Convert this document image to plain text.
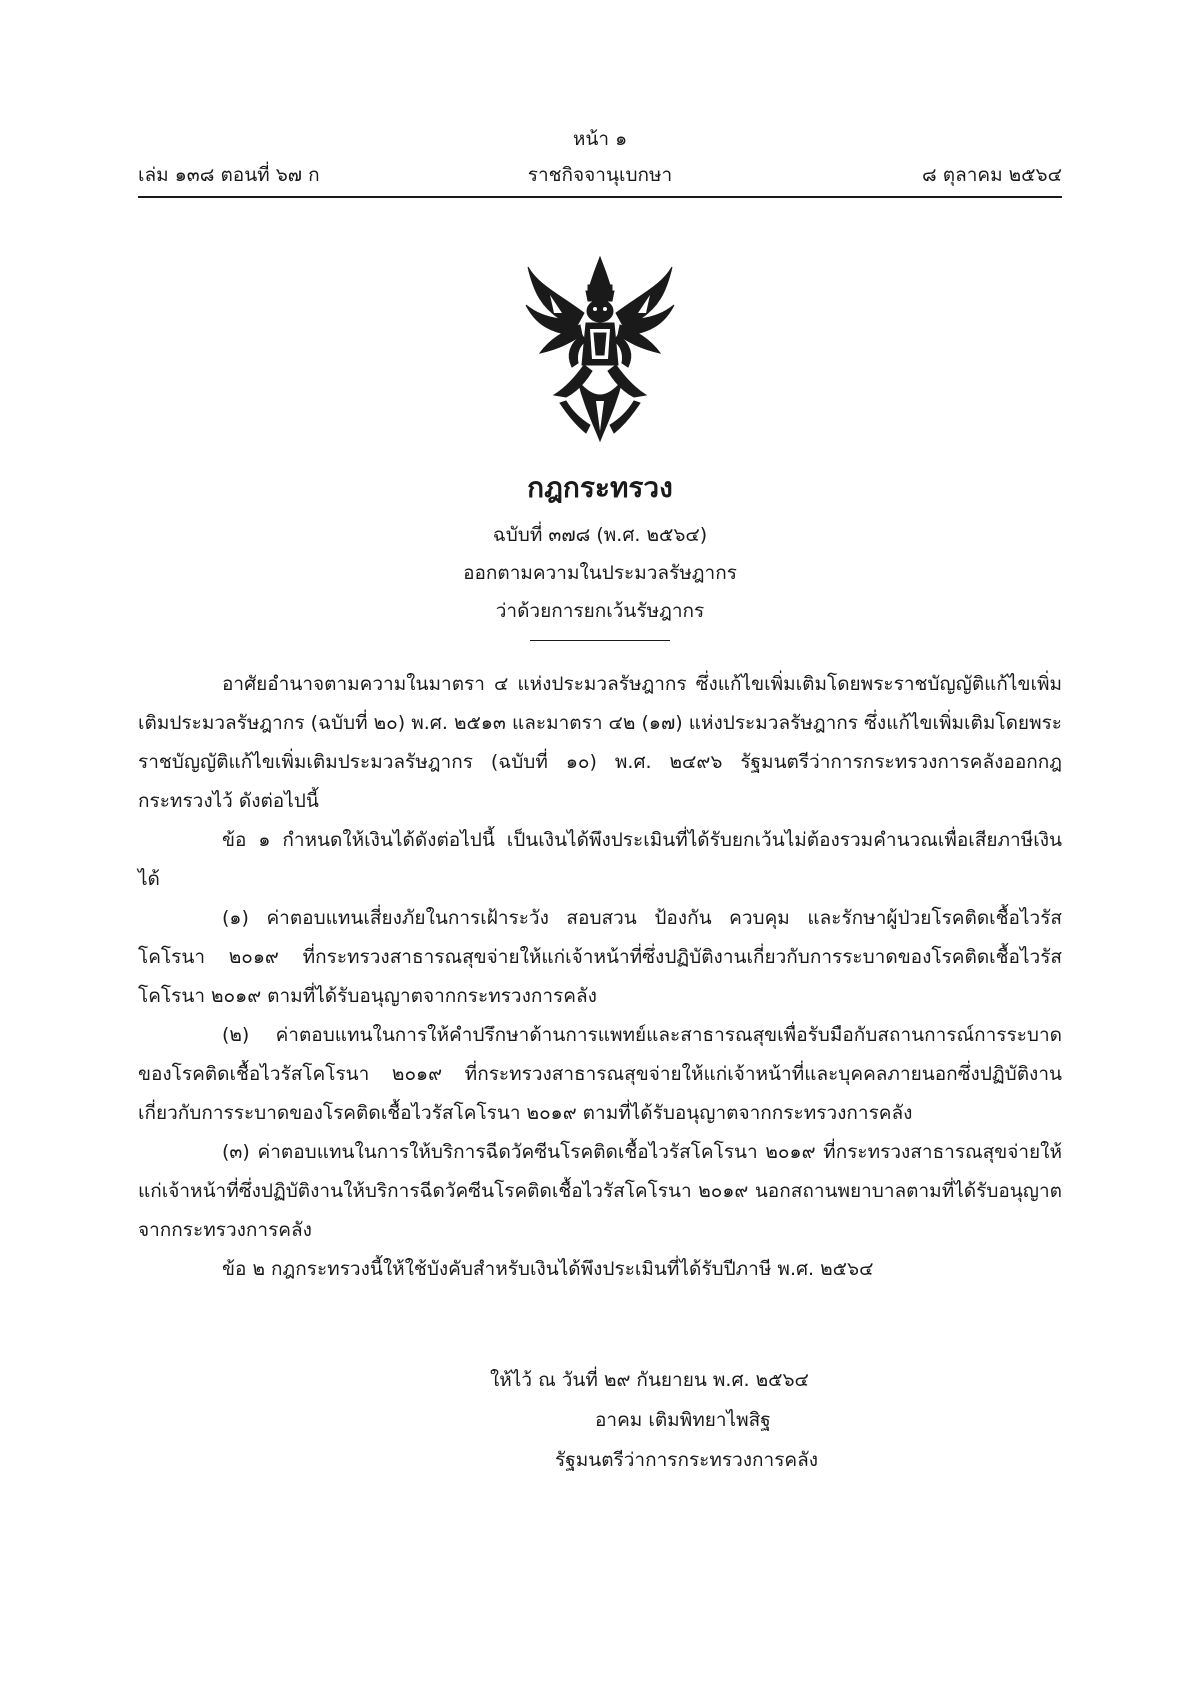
หน้า ๑
ราชกิจจานุเบกษา
เล่ม ๑๓๘ ตอนที่ ๖๗ ก	๘ ตุลาคม ๒๕๖๔
กฎกระทรวง
ฉบับที่ ๓๗๘ (พ.ศ. ๒๕๖๔)
ออกตามความในประมวลรัษฎากร
ว่าด้วยการยกเว้นรัษฎากร

อาศัยอำนาจตามความในมาตรา ๔ แห่งประมวลรัษฎากร ซึ่งแก้ไขเพิ่มเติมโดยพระราชบัญญัติแก้ไขเพิ่มเติมประมวลรัษฎากร (ฉบับที่ ๒๐) พ.ศ. ๒๕๑๓ และมาตรา ๔๒ (๑๗) แห่งประมวลรัษฎากร ซึ่งแก้ไขเพิ่มเติมโดยพระราชบัญญัติแก้ไขเพิ่มเติมประมวลรัษฎากร (ฉบับที่ ๑๐) พ.ศ. ๒๔๙๖ รัฐมนตรีว่าการกระทรวงการคลังออกกฎกระทรวงไว้ ดังต่อไปนี้

ข้อ ๑ กำหนดให้เงินได้ดังต่อไปนี้ เป็นเงินได้พึงประเมินที่ได้รับยกเว้นไม่ต้องรวมคำนวณเพื่อเสียภาษีเงินได้

(๑) ค่าตอบแทนเสี่ยงภัยในการเฝ้าระวัง สอบสวน ป้องกัน ควบคุม และรักษาผู้ป่วยโรคติดเชื้อไวรัสโคโรนา ๒๐๑๙ ที่กระทรวงสาธารณสุขจ่ายให้แก่เจ้าหน้าที่ซึ่งปฏิบัติงานเกี่ยวกับการระบาดของโรคติดเชื้อไวรัสโคโรนา ๒๐๑๙ ตามที่ได้รับอนุญาตจากกระทรวงการคลัง

(๒) ค่าตอบแทนในการให้คำปรึกษาด้านการแพทย์และสาธารณสุขเพื่อรับมือกับสถานการณ์การระบาดของโรคติดเชื้อไวรัสโคโรนา ๒๐๑๙ ที่กระทรวงสาธารณสุขจ่ายให้แก่เจ้าหน้าที่และบุคคลภายนอกซึ่งปฏิบัติงานเกี่ยวกับการระบาดของโรคติดเชื้อไวรัสโคโรนา ๒๐๑๙ ตามที่ได้รับอนุญาตจากกระทรวงการคลัง

(๓) ค่าตอบแทนในการให้บริการฉีดวัคซีนโรคติดเชื้อไวรัสโคโรนา ๒๐๑๙ ที่กระทรวงสาธารณสุขจ่ายให้แก่เจ้าหน้าที่ซึ่งปฏิบัติงานให้บริการฉีดวัคซีนโรคติดเชื้อไวรัสโคโรนา ๒๐๑๙ นอกสถานพยาบาลตามที่ได้รับอนุญาตจากกระทรวงการคลัง

ข้อ ๒ กฎกระทรวงนี้ให้ใช้บังคับสำหรับเงินได้พึงประเมินที่ได้รับปีภาษี พ.ศ. ๒๕๖๔

ให้ไว้ ณ วันที่ ๒๙ กันยายน พ.ศ. ๒๕๖๔
อาคม เติมพิทยาไพสิฐ
รัฐมนตรีว่าการกระทรวงการคลัง
